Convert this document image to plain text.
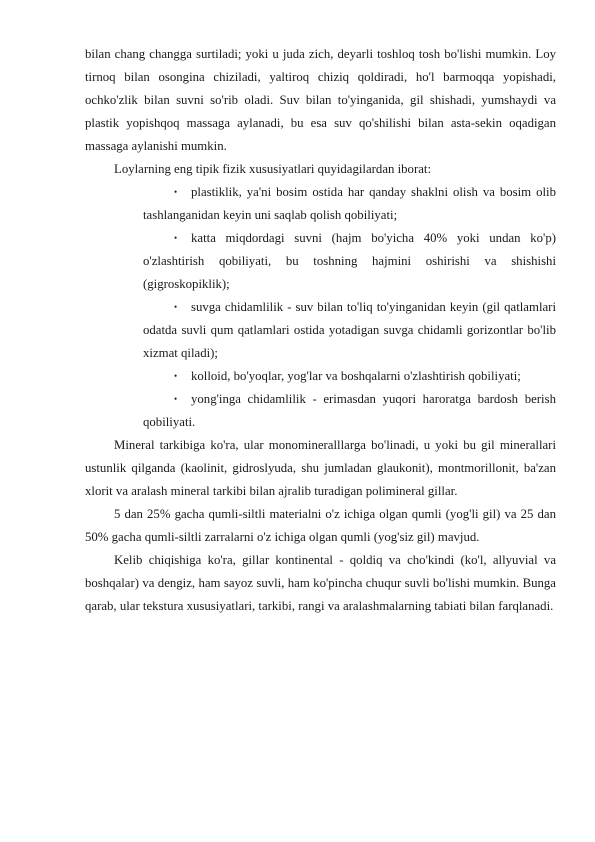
bilan chang changga surtiladi; yoki u juda zich, deyarli toshloq tosh bo'lishi mumkin. Loy tirnoq bilan osongina chiziladi, yaltiroq chiziq qoldiradi, ho'l barmoqqa yopishadi, ochko'zlik bilan suvni so'rib oladi. Suv bilan to'yinganida, gil shishadi, yumshaydi va plastik yopishqoq massaga aylanadi, bu esa suv qo'shilishi bilan asta-sekin oqadigan massaga aylanishi mumkin.

Loylarning eng tipik fizik xususiyatlari quyidagilardan iborat:

•	plastiklik, ya'ni bosim ostida har qanday shaklni olish va bosim olib tashlanganidan keyin uni saqlab qolish qobiliyati;
•	katta miqdordagi suvni (hajm bo'yicha 40% yoki undan ko'p) o'zlashtirish qobiliyati, bu toshning hajmini oshirishi va shishishi (gigroskopiklik);
•	suvga chidamlilik - suv bilan to'liq to'yinganidan keyin (gil qatlamlari odatda suvli qum qatlamlari ostida yotadigan suvga chidamli gorizontlar bo'lib xizmat qiladi);
•	kolloid, bo'yoqlar, yog'lar va boshqalarni o'zlashtirish qobiliyati;
•	yong'inga chidamlilik - erimasdan yuqori haroratga bardosh berish qobiliyati.

Mineral tarkibiga ko'ra, ular monomineralllarga bo'linadi, u yoki bu gil minerallari ustunlik qilganda (kaolinit, gidroslyuda, shu jumladan glaukonit), montmorillonit, ba'zan xlorit va aralash mineral tarkibi bilan ajralib turadigan polimineral gillar.

5 dan 25% gacha qumli-siltli materialni o'z ichiga olgan qumli (yog'li gil) va 25 dan 50% gacha qumli-siltli zarralarni o'z ichiga olgan qumli (yog'siz gil) mavjud.

Kelib chiqishiga ko'ra, gillar kontinental - qoldiq va cho'kindi (ko'l, allyuvial va boshqalar) va dengiz, ham sayoz suvli, ham ko'pincha chuqur suvli bo'lishi mumkin. Bunga qarab, ular tekstura xususiyatlari, tarkibi, rangi va aralashmalarning tabiati bilan farqlanadi.
